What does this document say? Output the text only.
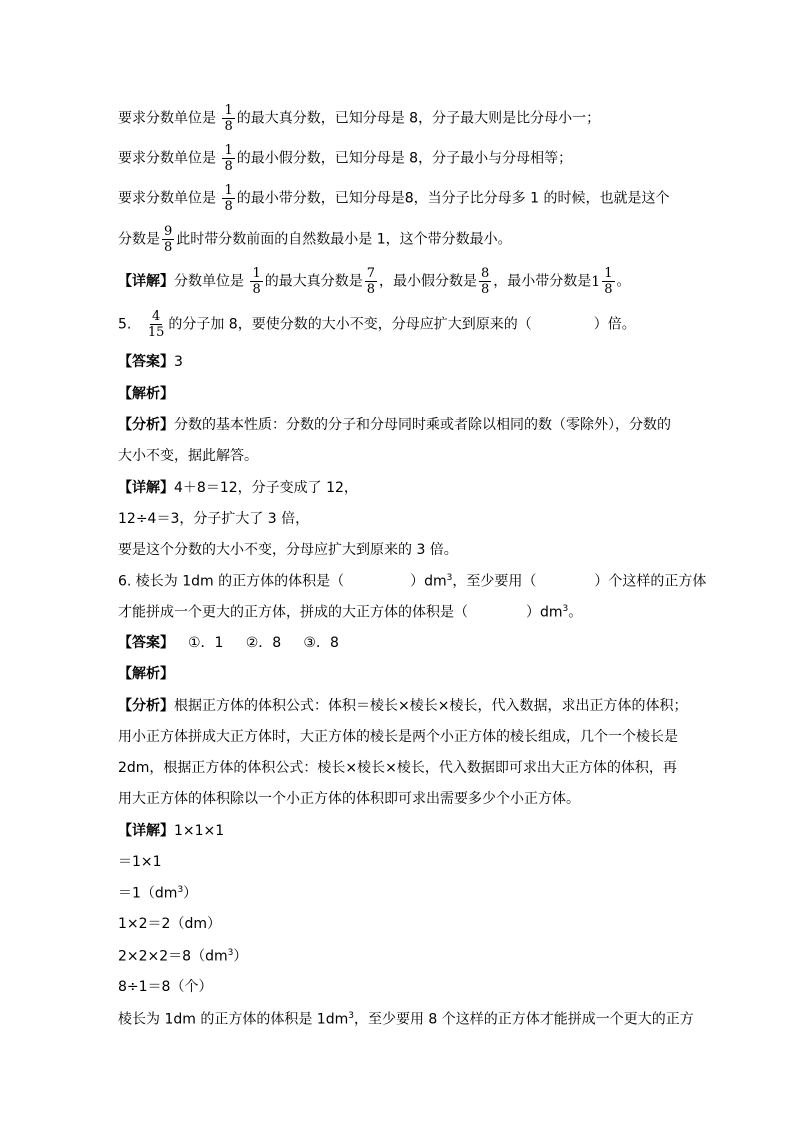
要求分数单位是 $\frac{1}{8}$ 的最大真分数，已知分母是 8，分子最大则是比分母小一；
要求分数单位是 $\frac{1}{8}$ 的最小假分数，已知分母是 8，分子最小与分母相等；
要求分数单位是 $\frac{1}{8}$ 的最小带分数，已知分母是8，当分子比分母多 1 的时候，也就是这个
分数是 $\frac{9}{8}$ 此时带分数前面的自然数最小是 1，这个带分数最小。
【详解】分数单位是 $\frac{1}{8}$ 的最大真分数是 $\frac{7}{8}$ ，最小假分数是 $\frac{8}{8}$ ，最小带分数是 $1 \frac{1}{8}$ 。
5. $\frac{4}{15}$ 的分子加 8，要使分数的大小不变，分母应扩大到原来的（	）倍。
【答案】3
【解析】
【分析】分数的基本性质：分数的分子和分母同时乘或者除以相同的数（零除外），分数的
大小不变，据此解答。
【详解】4＋8＝12，分子变成了 12，
12÷4＝3，分子扩大了 3 倍，
要是这个分数的大小不变，分母应扩大到原来的 3 倍。
6. 棱长为 1dm 的正方体的体积是（	）$dm^3$，至少要用（	）个这样的正方体
才能拼成一个更大的正方体，拼成的大正方体的体积是（	）$dm^3$。
【答案】 ①．1     ②．8     ③．8
【解析】
【分析】根据正方体的体积公式：体积＝棱长×棱长×棱长，代入数据，求出正方体的体积；
用小正方体拼成大正方体时，大正方体的棱长是两个小正方体的棱长组成，几个一个棱长是
2dm，根据正方体的体积公式：棱长×棱长×棱长，代入数据即可求出大正方体的体积，再
用大正方体的体积除以一个小正方体的体积即可求出需要多少个小正方体。
【详解】1×1×1
＝1×1
$=1(dm^3)$
1×2＝2（dm）
$2\times 2\times 2=8(dm^3)$
8÷1＝8（个）
棱长为 1dm 的正方体的体积是 $1dm^3$，至少要用 8 个这样的正方体才能拼成一个更大的正方
